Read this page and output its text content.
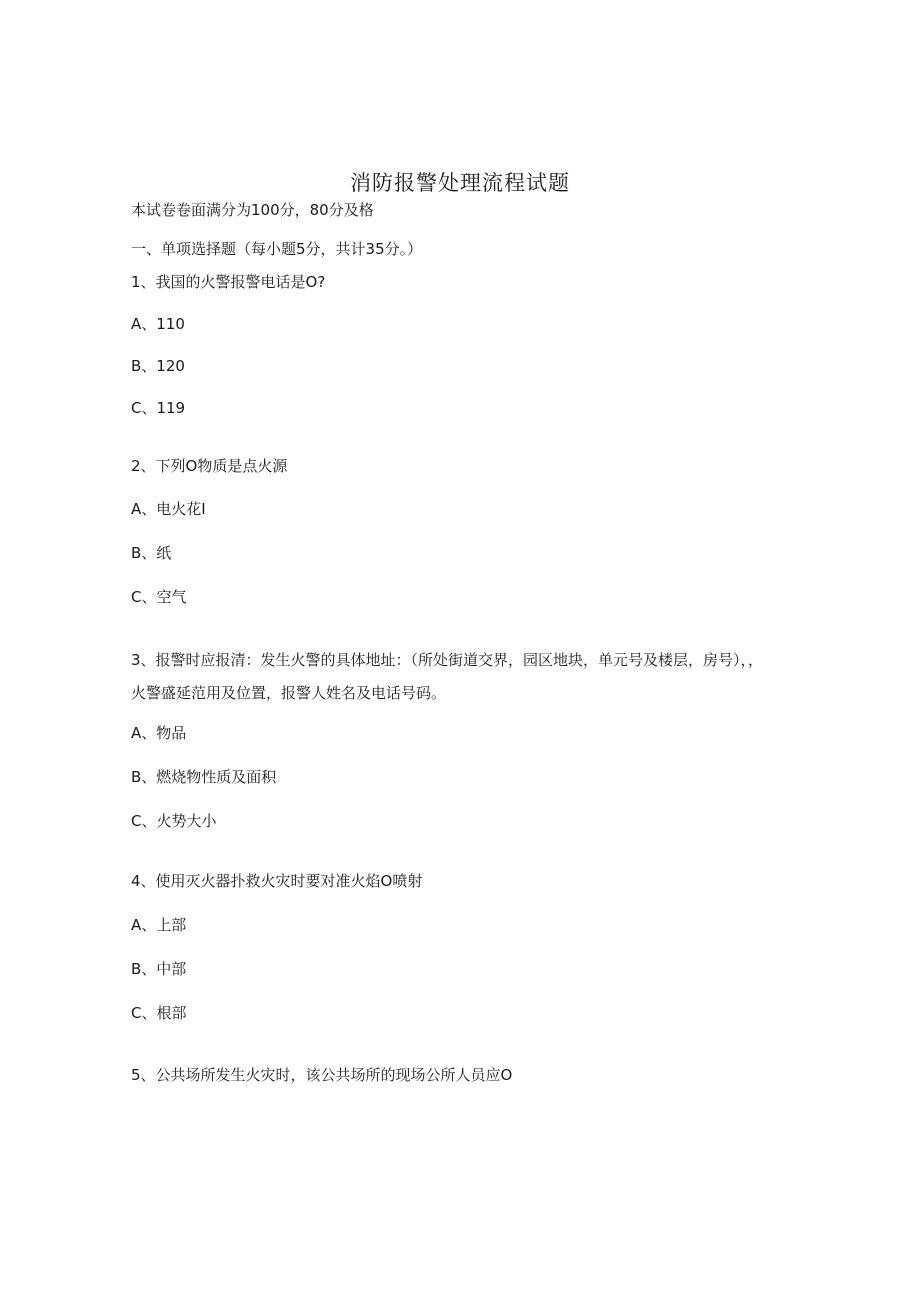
消防报警处理流程试题
本试卷卷面满分为100分，80分及格
一、单项选择题（每小题5分，共计35分。）
1、我国的火警报警电话是O?
A、110
B、120
C、119
2、下列O物质是点火源
A、电火花I
B、纸
C、空气
3、报警时应报清：发生火警的具体地址：（所处街道交界，园区地块，单元号及楼层，房号），，火警盛延范用及位置，报警人姓名及电话号码。
A、物品
B、燃烧物性质及面积
C、火势大小
4、使用灭火器扑救火灾时要对准火焰O喷射
A、上部
B、中部
C、根部
5、公共场所发生火灾时，该公共场所的现场公所人员应O
